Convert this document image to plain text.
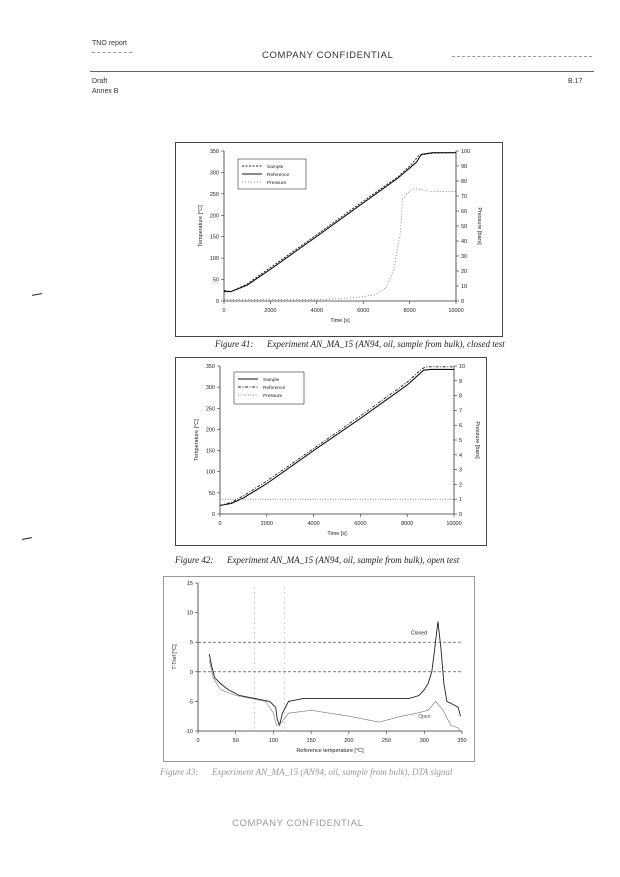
TNO report
COMPANY CONFIDENTIAL
Draft
Annex B
B.17
0	2000	4000	6000	8000	10000
0
50
100
150
200
250
300
350
0
10
20
30
40
50
60
70
80
90
100
Time [s]
Temperature [°C]	Pressure [bars]
Sample
Reference
Pressure
Figure 41: Experiment AN_MA_15 (AN94, oil, sample from bulk), closed test
0	2000	4000	6000	8000	10000
0
50
100
150
200
250
300
350
0
1
2
3
4
5
6
7
8
9
10
Time [s]
Temperature [°C]	Pressure [bars]
Sample
Reference
Pressure
Figure 42: Experiment AN_MA_15 (AN94, oil, sample from bulk), open test
0	50	100	150	200	250	300	350
-10
-5
0
5
10
15
Reference temperature [°C]
T-Tref [°C]
Closed
Open
Figure 43: Experiment AN_MA_15 (AN94, oil, sample from bulk), DTA signal
COMPANY CONFIDENTIAL
